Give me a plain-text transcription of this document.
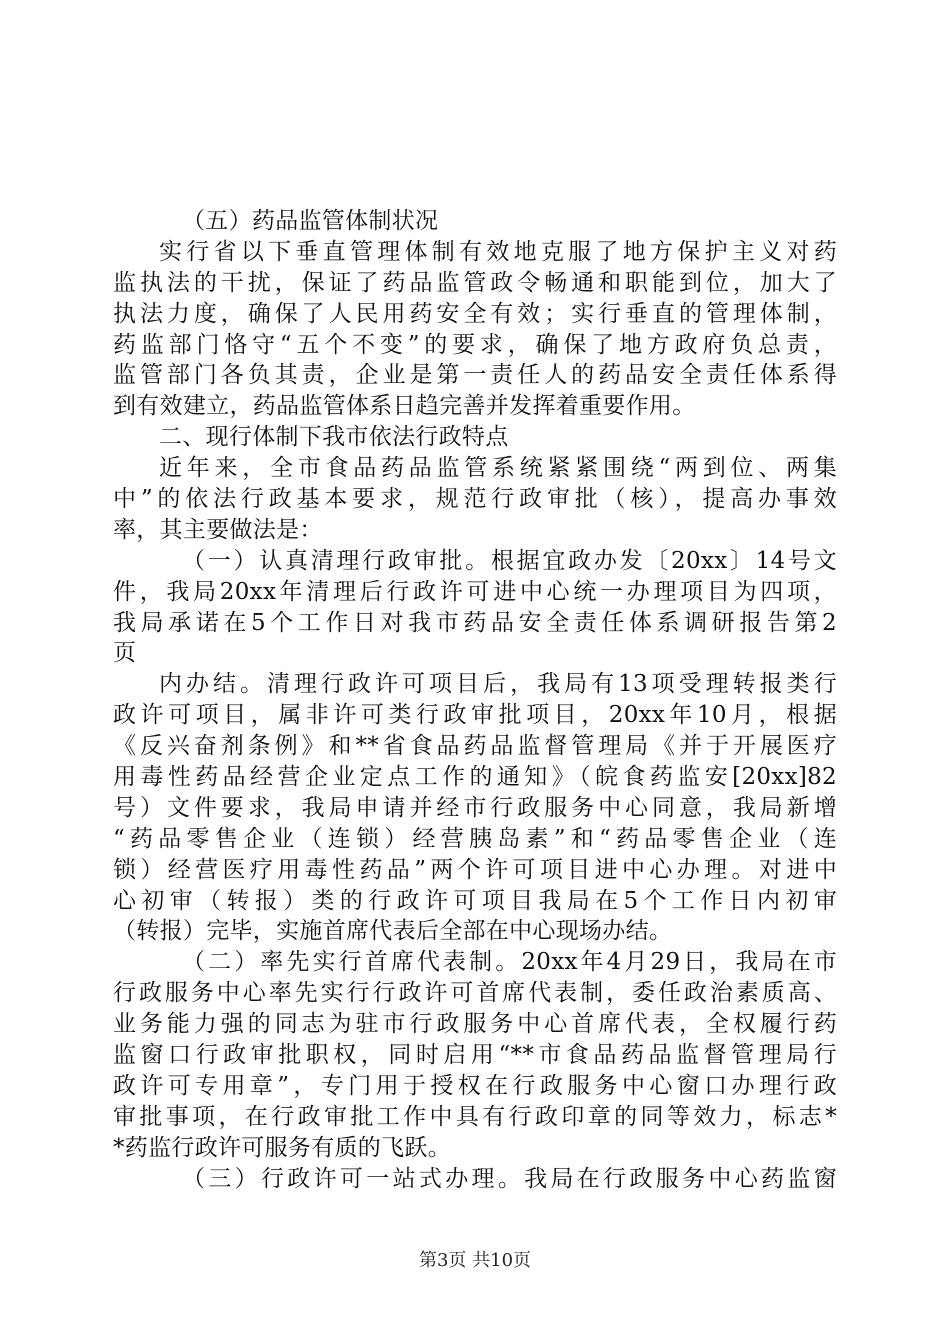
（五）药品监管体制状况
实行省以下垂直管理体制有效地克服了地方保护主义对药
监执法的干扰，保证了药品监管政令畅通和职能到位，加大了
执法力度，确保了人民用药安全有效；实行垂直的管理体制，
药监部门恪守“五个不变”的要求，确保了地方政府负总责，
监管部门各负其责，企业是第一责任人的药品安全责任体系得
到有效建立，药品监管体系日趋完善并发挥着重要作用。
二、现行体制下我市依法行政特点
近年来，全市食品药品监管系统紧紧围绕“两到位、两集
中”的依法行政基本要求，规范行政审批（核），提高办事效
率，其主要做法是：
（一）认真清理行政审批。根据宜政办发〔20xx〕14号文
件，我局20xx年清理后行政许可进中心统一办理项目为四项，
我局承诺在5个工作日对我市药品安全责任体系调研报告第2
页
内办结。清理行政许可项目后，我局有13项受理转报类行
政许可项目，属非许可类行政审批项目，20xx年10月，根据
《反兴奋剂条例》和**省食品药品监督管理局《并于开展医疗
用毒性药品经营企业定点工作的通知》（皖食药监安[20xx]82
号）文件要求，我局申请并经市行政服务中心同意，我局新增
“药品零售企业（连锁）经营胰岛素”和“药品零售企业（连
锁）经营医疗用毒性药品”两个许可项目进中心办理。对进中
心初审（转报）类的行政许可项目我局在5个工作日内初审
（转报）完毕，实施首席代表后全部在中心现场办结。
（二）率先实行首席代表制。20xx年4月29日，我局在市
行政服务中心率先实行行政许可首席代表制，委任政治素质高、
业务能力强的同志为驻市行政服务中心首席代表，全权履行药
监窗口行政审批职权，同时启用“**市食品药品监督管理局行
政许可专用章”，专门用于授权在行政服务中心窗口办理行政
审批事项，在行政审批工作中具有行政印章的同等效力，标志*
*药监行政许可服务有质的飞跃。
（三）行政许可一站式办理。我局在行政服务中心药监窗
第3页 共10页
